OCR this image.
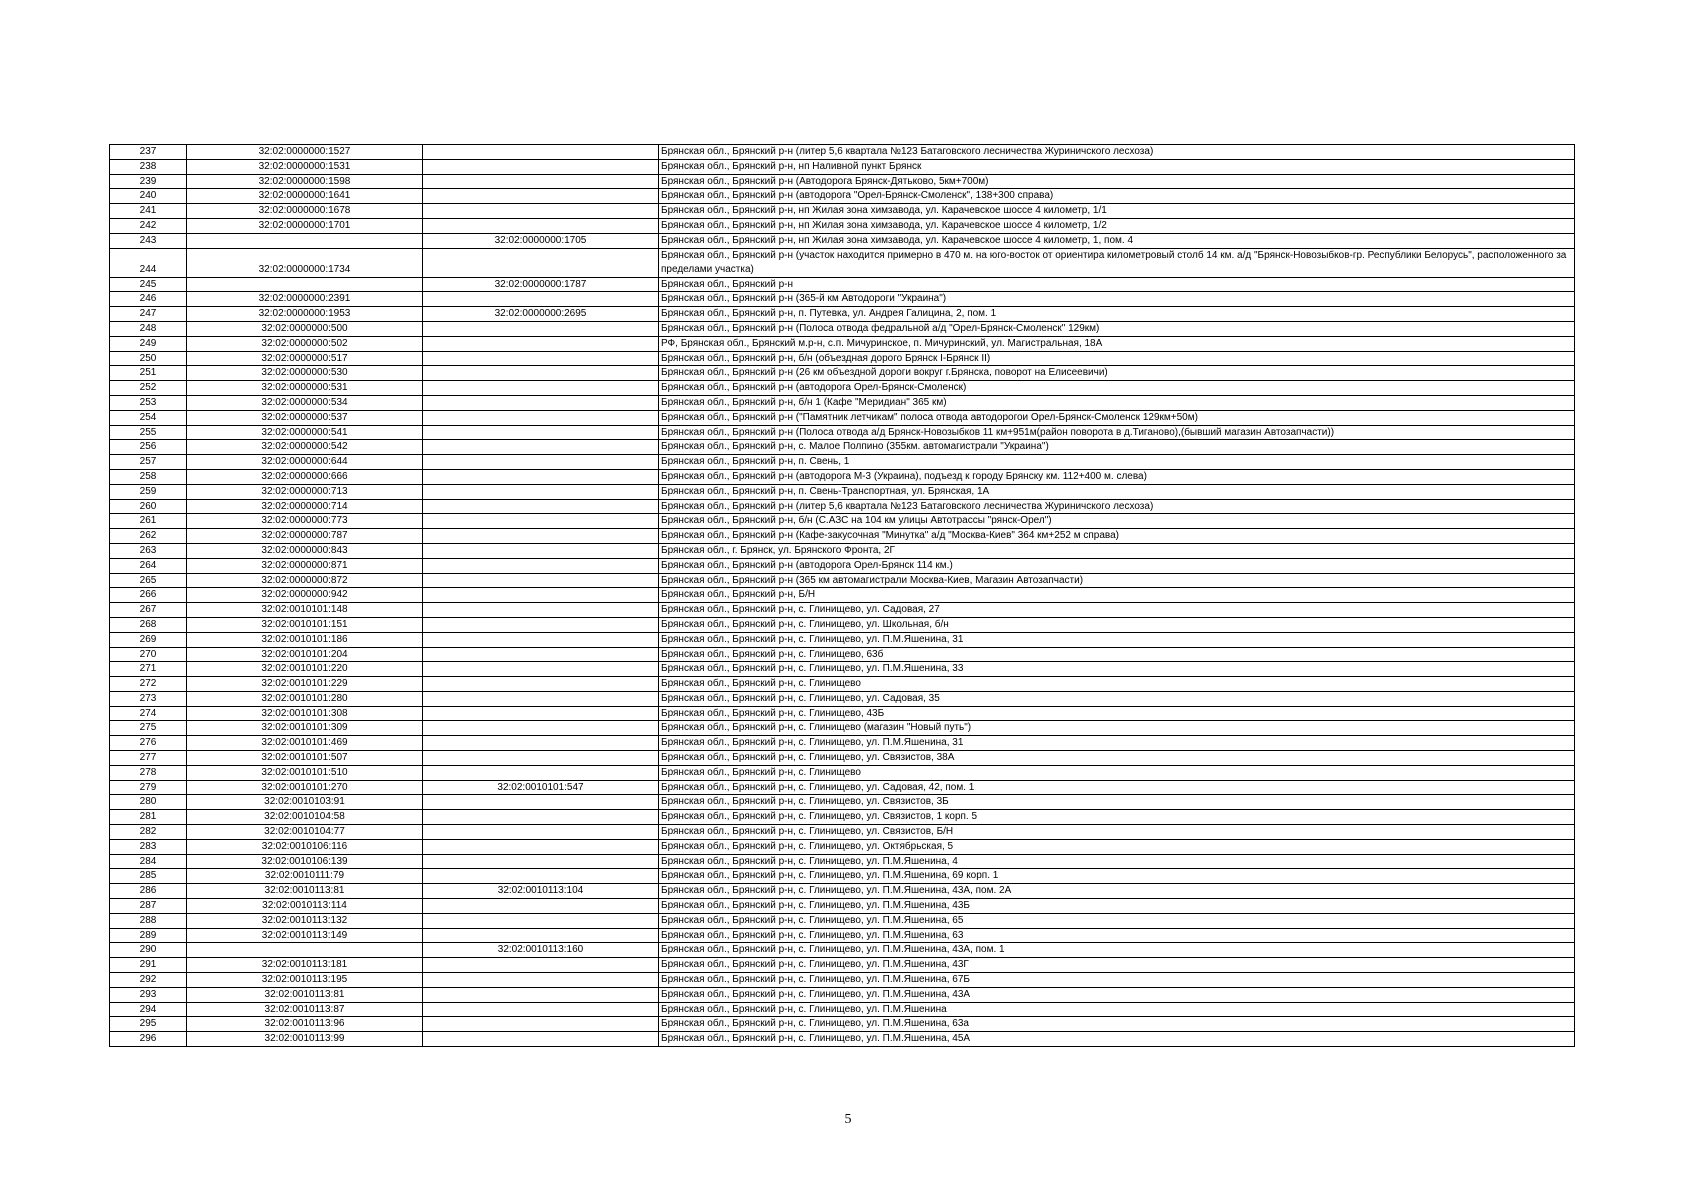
237	32:02:0000000:1527		Брянская обл., Брянский р-н (литер 5,6 квартала №123 Батаговского лесничества Журиничского лесхоза)
238	32:02:0000000:1531		Брянская обл., Брянский р-н, нп Наливной пункт Брянск
239	32:02:0000000:1598		Брянская обл., Брянский р-н (Автодорога Брянск-Дятьково, 5км+700м)
240	32:02:0000000:1641		Брянская обл., Брянский р-н (автодорога "Орел-Брянск-Смоленск", 138+300 справа)
241	32:02:0000000:1678		Брянская обл., Брянский р-н, нп Жилая зона химзавода, ул. Карачевское шоссе 4 километр, 1/1
242	32:02:0000000:1701		Брянская обл., Брянский р-н, нп Жилая зона химзавода, ул. Карачевское шоссе 4 километр, 1/2
243		32:02:0000000:1705	Брянская обл., Брянский р-н, нп Жилая зона химзавода, ул. Карачевское шоссе 4 километр, 1, пом. 4
244	32:02:0000000:1734		Брянская обл., Брянский р-н (участок находится примерно в 470 м. на юго-восток от ориентира километровый столб 14 км. а/д "Брянск-Новозыбков-гр. Республики Белорусь", расположенного за пределами участка)
245		32:02:0000000:1787	Брянская обл., Брянский р-н
246	32:02:0000000:2391		Брянская обл., Брянский р-н (365-й км Автодороги "Украина")
247	32:02:0000000:1953	32:02:0000000:2695	Брянская обл., Брянский р-н, п. Путевка, ул. Андрея Галицина, 2, пом. 1
248	32:02:0000000:500		Брянская обл., Брянский р-н (Полоса отвода федральной а/д "Орел-Брянск-Смоленск" 129км)
249	32:02:0000000:502		РФ, Брянская обл., Брянский м.р-н, с.п. Мичуринское, п. Мичуринский, ул. Магистральная, 18А
250	32:02:0000000:517		Брянская обл., Брянский р-н, б/н (объездная дорого Брянск I-Брянск II)
251	32:02:0000000:530		Брянская обл., Брянский р-н (26 км объездной дороги вокруг г.Брянска, поворот на Елисеевичи)
252	32:02:0000000:531		Брянская обл., Брянский р-н (автодорога Орел-Брянск-Смоленск)
253	32:02:0000000:534		Брянская обл., Брянский р-н, б/н 1 (Кафе "Меридиан" 365 км)
254	32:02:0000000:537		Брянская обл., Брянский р-н ("Памятник летчикам" полоса отвода автодорогои Орел-Брянск-Смоленск 129км+50м)
255	32:02:0000000:541		Брянская обл., Брянский р-н (Полоса отвода а/д Брянск-Новозыбков 11 км+951м(район поворота в д.Тиганово),(бывший магазин Автозапчасти))
256	32:02:0000000:542		Брянская обл., Брянский р-н, с. Малое Полпино (355км. автомагистрали "Украина")
257	32:02:0000000:644		Брянская обл., Брянский р-н, п. Свень, 1
258	32:02:0000000:666		Брянская обл., Брянский р-н (автодорога М-3 (Украина), подъезд к городу Брянску км. 112+400 м. слева)
259	32:02:0000000:713		Брянская обл., Брянский р-н, п. Свень-Транспортная, ул. Брянская, 1А
260	32:02:0000000:714		Брянская обл., Брянский р-н (литер 5,6 квартала №123 Батаговского лесничества Журиничского лесхоза)
261	32:02:0000000:773		Брянская обл., Брянский р-н, б/н (С.АЗС на 104 км улицы Автотрассы "рянск-Орел")
262	32:02:0000000:787		Брянская обл., Брянский р-н (Кафе-закусочная "Минутка" а/д "Москва-Киев" 364 км+252 м справа)
263	32:02:0000000:843		Брянская обл., г. Брянск, ул. Брянского Фронта, 2Г
264	32:02:0000000:871		Брянская обл., Брянский р-н (автодорога Орел-Брянск 114 км.)
265	32:02:0000000:872		Брянская обл., Брянский р-н (365 км автомагистрали Москва-Киев, Магазин Автозапчасти)
266	32:02:0000000:942		Брянская обл., Брянский р-н, Б/Н
267	32:02:0010101:148		Брянская обл., Брянский р-н, с. Глинищево, ул. Садовая, 27
268	32:02:0010101:151		Брянская обл., Брянский р-н, с. Глинищево, ул. Школьная, б/н
269	32:02:0010101:186		Брянская обл., Брянский р-н, с. Глинищево, ул. П.М.Яшенина, 31
270	32:02:0010101:204		Брянская обл., Брянский р-н, с. Глинищево, 63б
271	32:02:0010101:220		Брянская обл., Брянский р-н, с. Глинищево, ул. П.М.Яшенина, 33
272	32:02:0010101:229		Брянская обл., Брянский р-н, с. Глинищево
273	32:02:0010101:280		Брянская обл., Брянский р-н, с. Глинищево, ул. Садовая, 35
274	32:02:0010101:308		Брянская обл., Брянский р-н, с. Глинищево, 43Б
275	32:02:0010101:309		Брянская обл., Брянский р-н, с. Глинищево (магазин "Новый путь")
276	32:02:0010101:469		Брянская обл., Брянский р-н, с. Глинищево, ул. П.М.Яшенина, 31
277	32:02:0010101:507		Брянская обл., Брянский р-н, с. Глинищево, ул. Связистов, 38А
278	32:02:0010101:510		Брянская обл., Брянский р-н, с. Глинищево
279	32:02:0010101:270	32:02:0010101:547	Брянская обл., Брянский р-н, с. Глинищево, ул. Садовая, 42, пом. 1
280	32:02:0010103:91		Брянская обл., Брянский р-н, с. Глинищево, ул. Связистов, 3Б
281	32:02:0010104:58		Брянская обл., Брянский р-н, с. Глинищево, ул. Связистов, 1 корп. 5
282	32:02:0010104:77		Брянская обл., Брянский р-н, с. Глинищево, ул. Связистов, Б/Н
283	32:02:0010106:116		Брянская обл., Брянский р-н, с. Глинищево, ул. Октябрьская, 5
284	32:02:0010106:139		Брянская обл., Брянский р-н, с. Глинищево, ул. П.М.Яшенина, 4
285	32:02:0010111:79		Брянская обл., Брянский р-н, с. Глинищево, ул. П.М.Яшенина, 69 корп. 1
286	32:02:0010113:81	32:02:0010113:104	Брянская обл., Брянский р-н, с. Глинищево, ул. П.М.Яшенина, 43А, пом. 2А
287	32:02:0010113:114		Брянская обл., Брянский р-н, с. Глинищево, ул. П.М.Яшенина, 43Б
288	32:02:0010113:132		Брянская обл., Брянский р-н, с. Глинищево, ул. П.М.Яшенина, 65
289	32:02:0010113:149		Брянская обл., Брянский р-н, с. Глинищево, ул. П.М.Яшенина, 63
290		32:02:0010113:160	Брянская обл., Брянский р-н, с. Глинищево, ул. П.М.Яшенина, 43А, пом. 1
291	32:02:0010113:181		Брянская обл., Брянский р-н, с. Глинищево, ул. П.М.Яшенина, 43Г
292	32:02:0010113:195		Брянская обл., Брянский р-н, с. Глинищево, ул. П.М.Яшенина, 67Б
293	32:02:0010113:81		Брянская обл., Брянский р-н, с. Глинищево, ул. П.М.Яшенина, 43А
294	32:02:0010113:87		Брянская обл., Брянский р-н, с. Глинищево, ул. П.М.Яшенина
295	32:02:0010113:96		Брянская обл., Брянский р-н, с. Глинищево, ул. П.М.Яшенина, 63а
296	32:02:0010113:99		Брянская обл., Брянский р-н, с. Глинищево, ул. П.М.Яшенина, 45А
5
